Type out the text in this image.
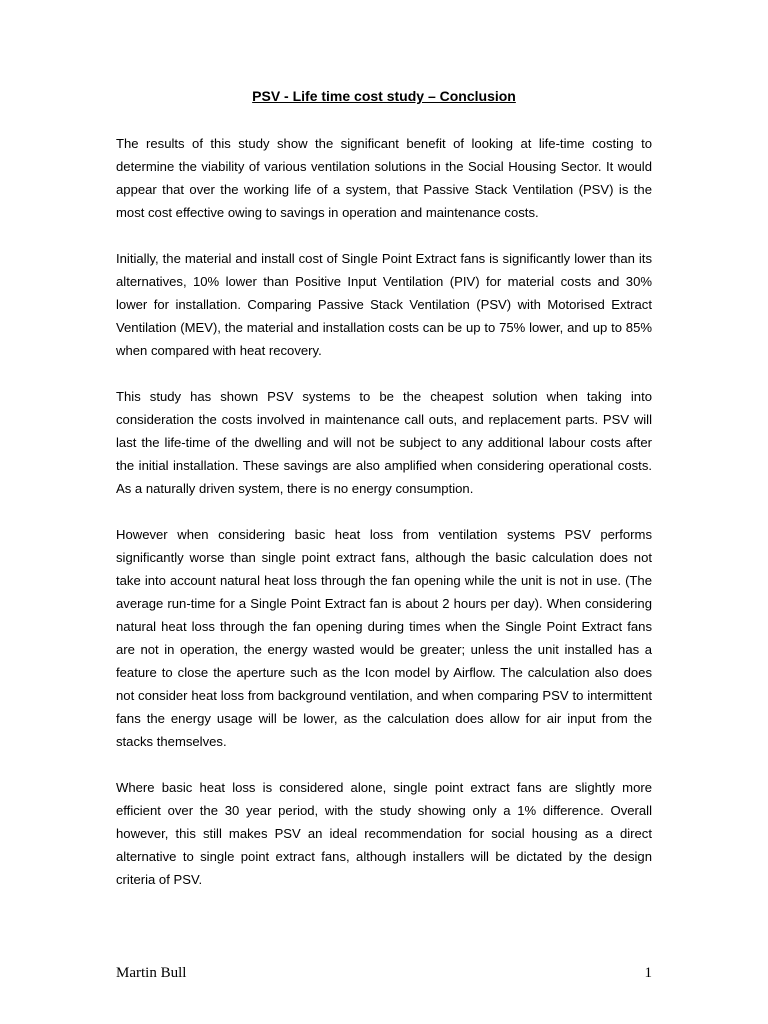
PSV - Life time cost study – Conclusion

The results of this study show the significant benefit of looking at life-time costing to determine the viability of various ventilation solutions in the Social Housing Sector. It would appear that over the working life of a system, that Passive Stack Ventilation (PSV) is the most cost effective owing to savings in operation and maintenance costs.

Initially, the material and install cost of Single Point Extract fans is significantly lower than its alternatives, 10% lower than Positive Input Ventilation (PIV) for material costs and 30% lower for installation. Comparing Passive Stack Ventilation (PSV) with Motorised Extract Ventilation (MEV), the material and installation costs can be up to 75% lower, and up to 85% when compared with heat recovery.

This study has shown PSV systems to be the cheapest solution when taking into consideration the costs involved in maintenance call outs, and replacement parts. PSV will last the life-time of the dwelling and will not be subject to any additional labour costs after the initial installation. These savings are also amplified when considering operational costs. As a naturally driven system, there is no energy consumption.

However when considering basic heat loss from ventilation systems PSV performs significantly worse than single point extract fans, although the basic calculation does not take into account natural heat loss through the fan opening while the unit is not in use. (The average run-time for a Single Point Extract fan is about 2 hours per day). When considering natural heat loss through the fan opening during times when the Single Point Extract fans are not in operation, the energy wasted would be greater; unless the unit installed has a feature to close the aperture such as the Icon model by Airflow. The calculation also does not consider heat loss from background ventilation, and when comparing PSV to intermittent fans the energy usage will be lower, as the calculation does allow for air input from the stacks themselves.

Where basic heat loss is considered alone, single point extract fans are slightly more efficient over the 30 year period, with the study showing only a 1% difference. Overall however, this still makes PSV an ideal recommendation for social housing as a direct alternative to single point extract fans, although installers will be dictated by the design criteria of PSV.

Martin Bull	1
